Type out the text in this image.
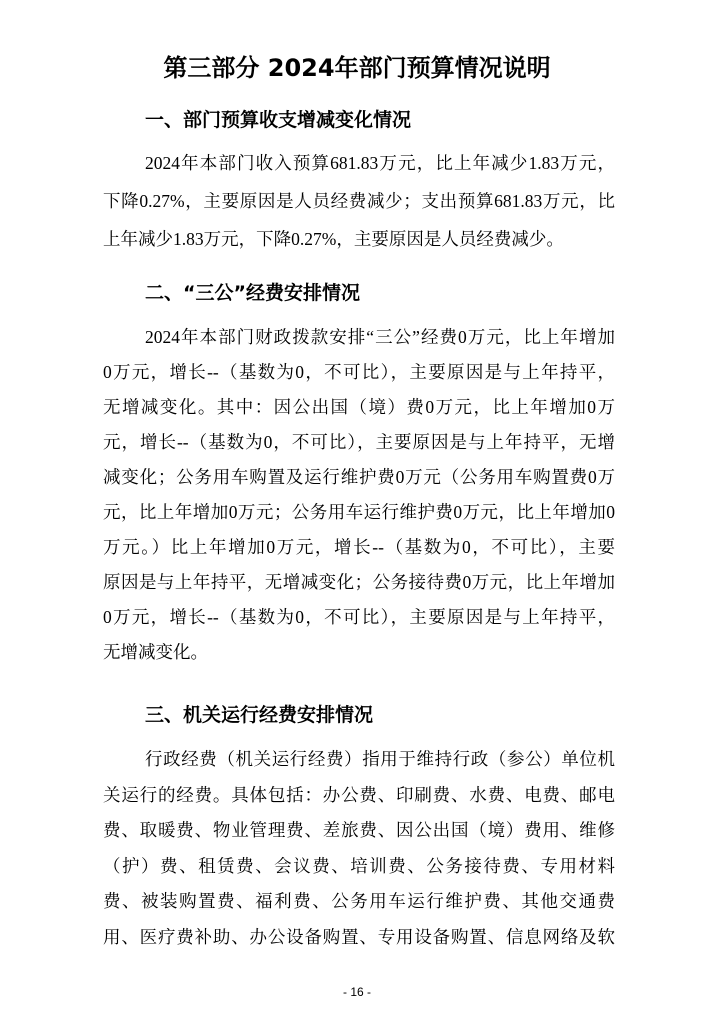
第三部分 2024年部门预算情况说明
一、部门预算收支增减变化情况
2024年本部门收入预算681.83万元，比上年减少1.83万元，
下降0.27%，主要原因是人员经费减少；支出预算681.83万元，比
上年减少1.83万元，下降0.27%，主要原因是人员经费减少。
二、“三公”经费安排情况
2024年本部门财政拨款安排“三公”经费0万元，比上年增加
0万元，增长--（基数为0，不可比），主要原因是与上年持平，
无增减变化。其中：因公出国（境）费0万元，比上年增加0万
元，增长--（基数为0，不可比），主要原因是与上年持平，无增
减变化；公务用车购置及运行维护费0万元（公务用车购置费0万
元，比上年增加0万元；公务用车运行维护费0万元，比上年增加0
万元。）比上年增加0万元，增长--（基数为0，不可比），主要
原因是与上年持平，无增减变化；公务接待费0万元，比上年增加
0万元，增长--（基数为0，不可比），主要原因是与上年持平，
无增减变化。
三、机关运行经费安排情况
行政经费（机关运行经费）指用于维持行政（参公）单位机
关运行的经费。具体包括：办公费、印刷费、水费、电费、邮电
费、取暖费、物业管理费、差旅费、因公出国（境）费用、维修
（护）费、租赁费、会议费、培训费、公务接待费、专用材料
费、被装购置费、福利费、公务用车运行维护费、其他交通费
用、医疗费补助、办公设备购置、专用设备购置、信息网络及软
- 16 -
